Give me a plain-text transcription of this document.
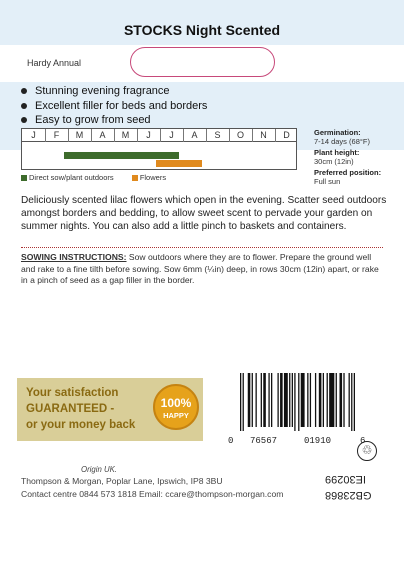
STOCKS Night Scented
Hardy Annual
Stunning evening fragrance
Excellent filler for beds and borders
Easy to grow from seed
J	F	M	A	M	J	J	A	S	O	N	D
Direct sow/plant outdoors	Flowers
Germination:
7-14 days (68°F)
Plant height:
30cm (12in)
Preferred position:
Full sun
Deliciously scented lilac flowers which open in the evening. Scatter seed outdoors amongst borders and bedding, to allow sweet scent to pervade your garden on summer nights. You can also add a little pinch to baskets and containers.
SOWING INSTRUCTIONS: Sow outdoors where they are to flower. Prepare the ground well and rake to a fine tilth before sowing. Sow 6mm (¼in) deep, in rows 30cm (12in) apart, or rake in a pinch of seed as a gap filler in the border.
Your satisfaction
GUARANTEED -
or your money back
100%
HAPPY
0 76567	01910	6
♲
Origin UK.
Thompson & Morgan, Poplar Lane, Ipswich, IP8 3BU
Contact centre 0844 573 1818 Email: ccare@thompson-morgan.com
IE30299
GB23868
